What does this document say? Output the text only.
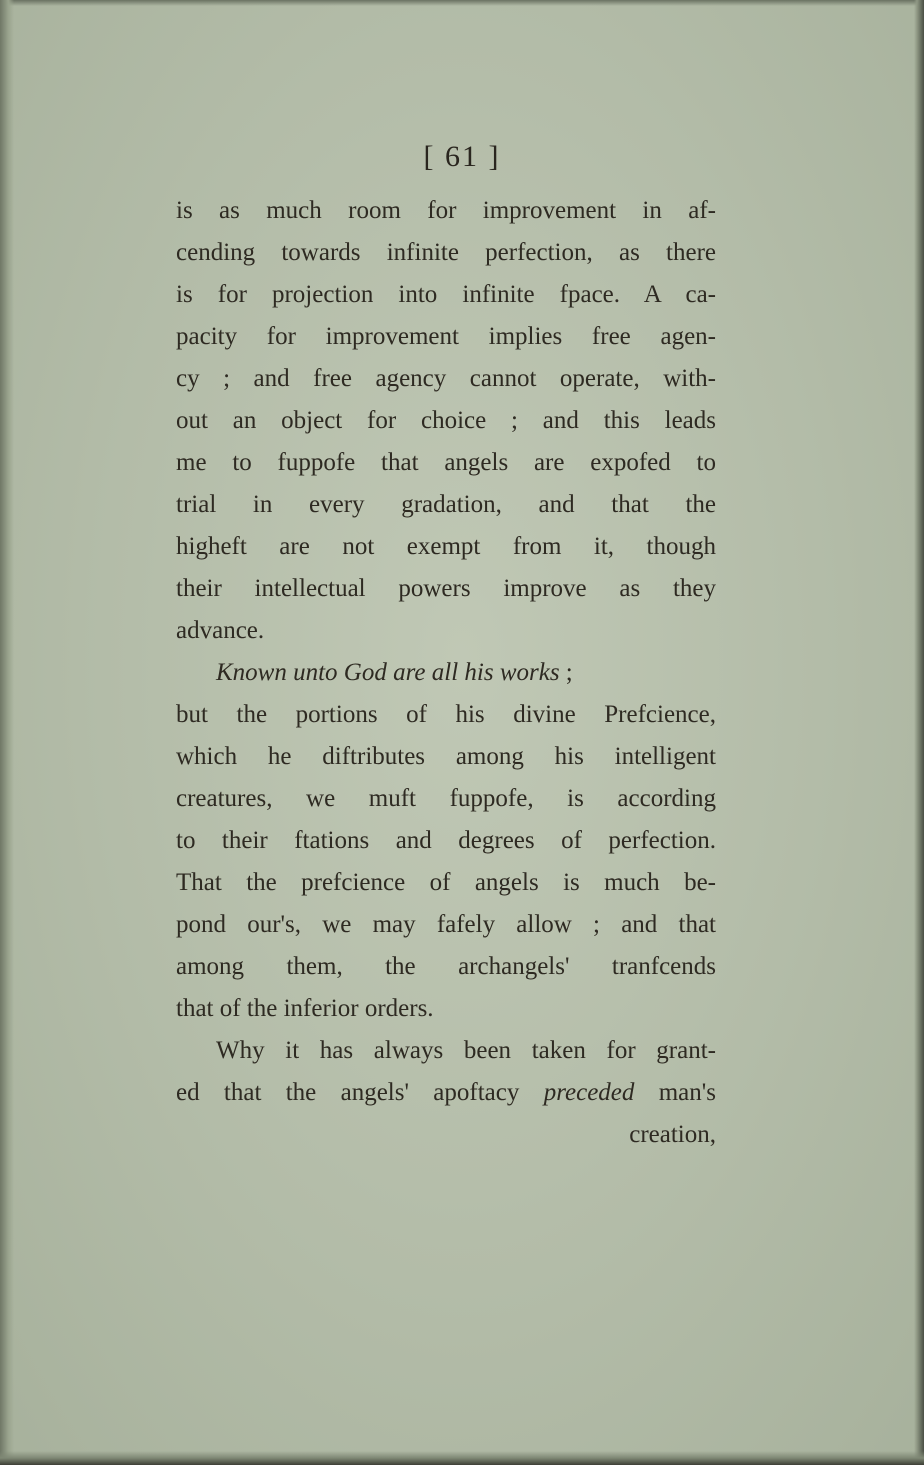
[ 61 ]
is as much room for improvement in af-
cending towards infinite perfection, as there
is for projection into infinite fpace. A ca-
pacity for improvement implies free agen-
cy ; and free agency cannot operate, with-
out an object for choice ; and this leads
me to fuppofe that angels are expofed to
trial in every gradation, and that the
higheft are not exempt from it, though
their intellectual powers improve as they
advance.
Known unto God are all his works ;
but the portions of his divine Prefcience,
which he diftributes among his intelligent
creatures, we muft fuppofe, is according
to their ftations and degrees of perfection.
That the prefcience of angels is much be-
pond our's, we may fafely allow ; and that
among them, the archangels' tranfcends
that of the inferior orders.
Why it has always been taken for grant-
ed that the angels' apoftacy preceded man's
creation,
